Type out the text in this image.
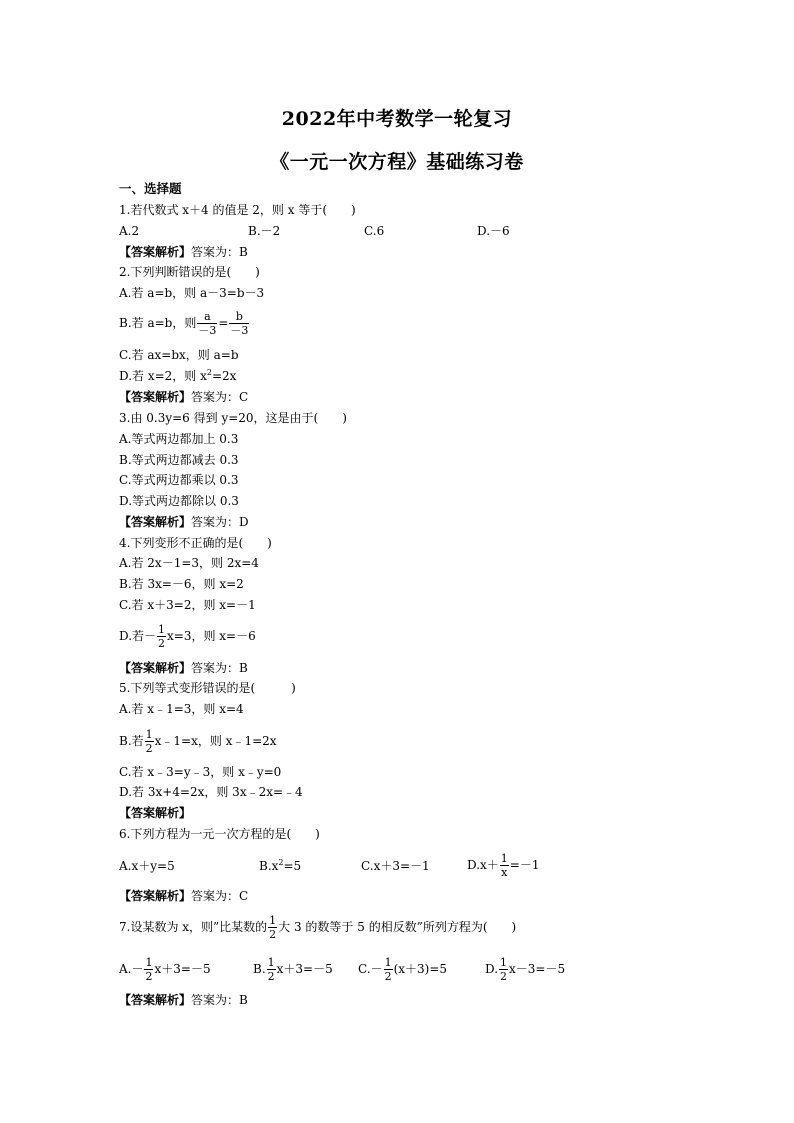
2022年中考数学一轮复习
《一元一次方程》基础练习卷
一、选择题
1.若代数式 x＋4 的值是 2，则 x 等于(　　)
A.2	B.－2	C.6	D.－6
【答案解析】答案为：B
2.下列判断错误的是(　　)
A.若 a=b，则 a－3=b－3
B.若 a=b，则 $\frac{a}{-3} = \frac{b}{-3}$
C.若 ax=bx，则 a=b
D.若 x=2，则 $x^2=2x$
【答案解析】答案为：C
3.由 0.3y=6 得到 y=20，这是由于(　　)
A.等式两边都加上 0.3
B.等式两边都减去 0.3
C.等式两边都乘以 0.3
D.等式两边都除以 0.3
【答案解析】答案为：D
4.下列变形不正确的是(　　)
A.若 2x－1=3，则 2x=4
B.若 3x=－6，则 x=2
C.若 x＋3=2，则 x=－1
D.若－ $\frac{1}{2} x=3$，则 x=－6
【答案解析】答案为：B
5.下列等式变形错误的是(　　　)
A.若 x﹣1=3，则 x=4
B.若 $\frac{1}{2}$ x﹣1=x，则 x﹣1=2x
C.若 x﹣3=y﹣3，则 x﹣y=0
D.若 3x+4=2x，则 3x﹣2x=﹣4
【答案解析】
6.下列方程为一元一次方程的是(　　)
A.x＋y=5	$B.x^2=5$	C.x＋3=－1	$D.x+ \frac{1}{x} =-1$
【答案解析】答案为：C
7.设某数为 x，则”比某数的 $\frac{1}{2}$ 大 3 的数等于 5 的相反数”所列方程为(　　)
$A.- \frac{1}{2} x+3=-5$	B. $\frac{1}{2} x+3=-5$ $C.- \frac{1}{2} (x+3)=5$	D. $\frac{1}{2} x-3=-5$
【答案解析】答案为：B
